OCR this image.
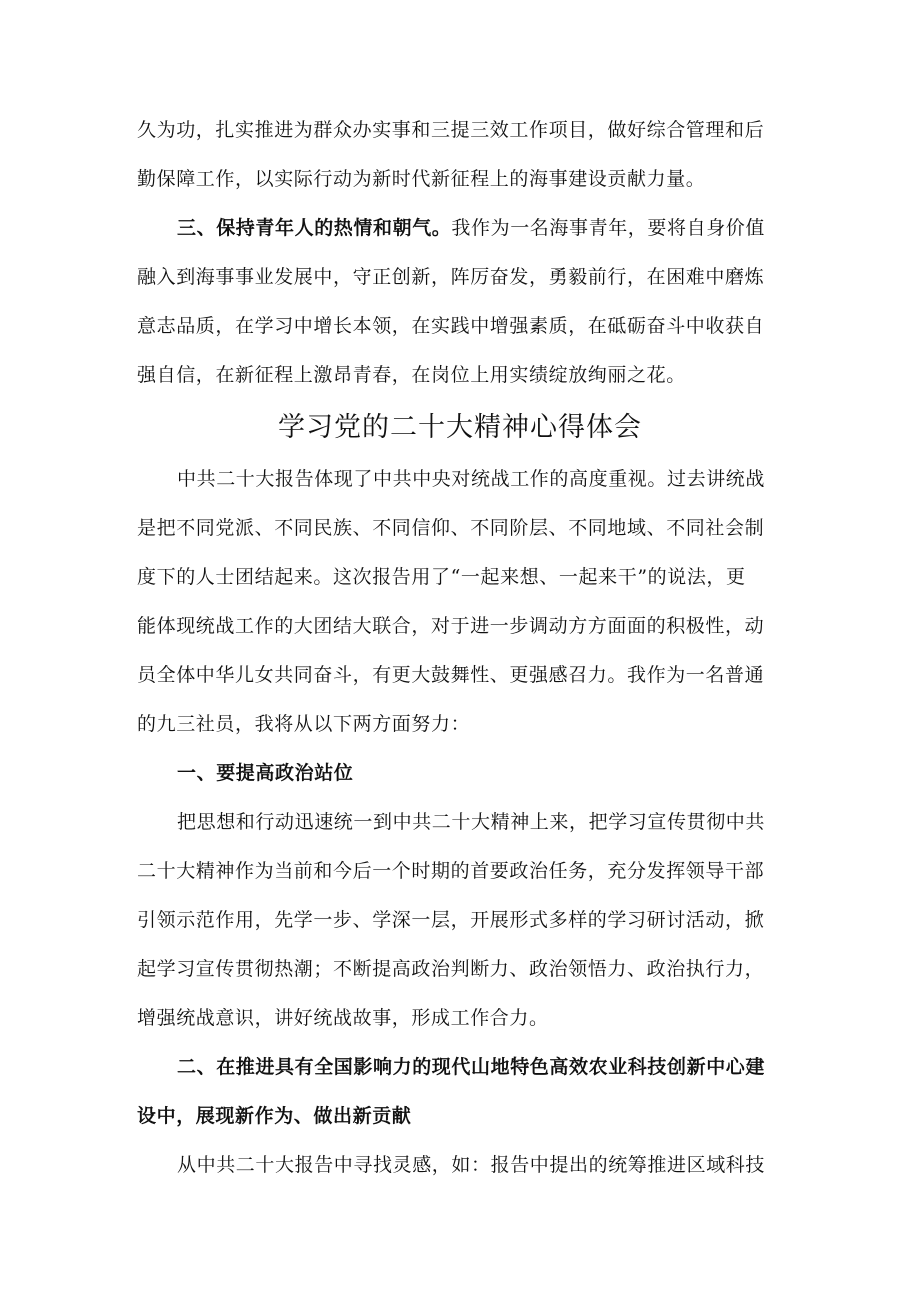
久为功，扎实推进为群众办实事和三提三效工作项目，做好综合管理和后
勤保障工作，以实际行动为新时代新征程上的海事建设贡献力量。
三、保持青年人的热情和朝气。我作为一名海事青年，要将自身价值
融入到海事事业发展中，守正创新，阵厉奋发，勇毅前行，在困难中磨炼
意志品质，在学习中增长本领，在实践中增强素质，在砥砺奋斗中收获自
强自信，在新征程上激昂青春，在岗位上用实绩绽放绚丽之花。
学习党的二十大精神心得体会
中共二十大报告体现了中共中央对统战工作的高度重视。过去讲统战
是把不同党派、不同民族、不同信仰、不同阶层、不同地域、不同社会制
度下的人士团结起来。这次报告用了“一起来想、一起来干”的说法，更
能体现统战工作的大团结大联合，对于进一步调动方方面面的积极性，动
员全体中华儿女共同奋斗，有更大鼓舞性、更强感召力。我作为一名普通
的九三社员，我将从以下两方面努力：
一、要提高政治站位
把思想和行动迅速统一到中共二十大精神上来，把学习宣传贯彻中共
二十大精神作为当前和今后一个时期的首要政治任务，充分发挥领导干部
引领示范作用，先学一步、学深一层，开展形式多样的学习研讨活动，掀
起学习宣传贯彻热潮；不断提高政治判断力、政治领悟力、政治执行力，
增强统战意识，讲好统战故事，形成工作合力。
二、在推进具有全国影响力的现代山地特色高效农业科技创新中心建
设中，展现新作为、做出新贡献
从中共二十大报告中寻找灵感，如：报告中提出的统筹推进区域科技
